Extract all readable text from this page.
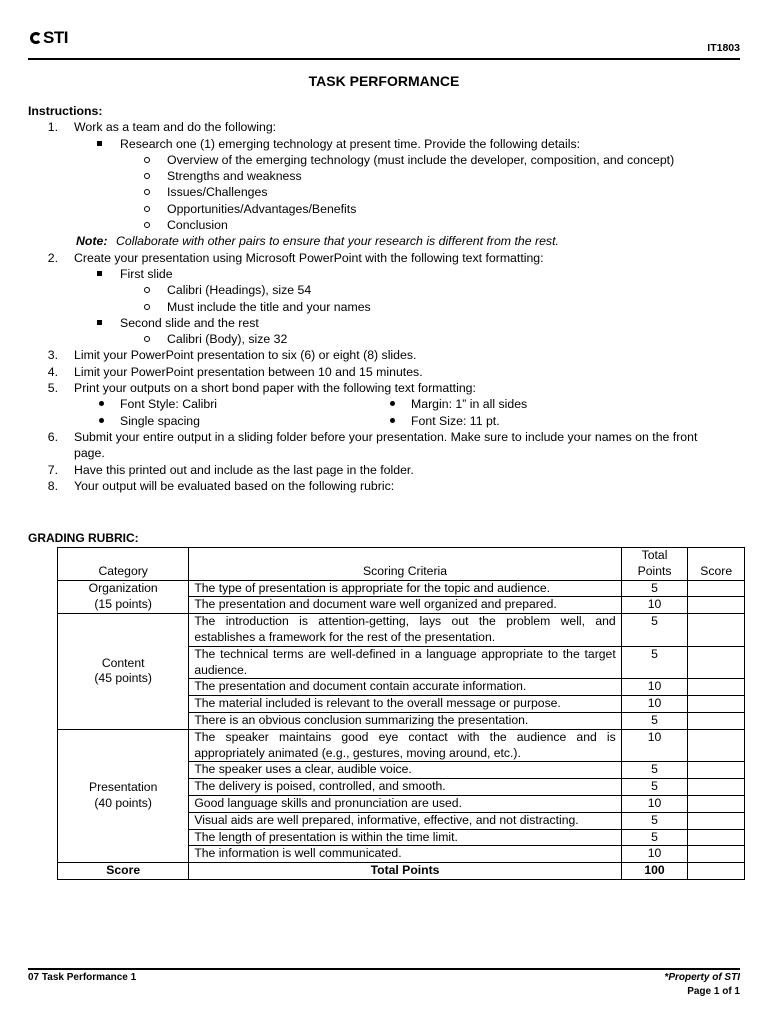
STI
IT1803
TASK PERFORMANCE
Instructions:
1. Work as a team and do the following:
Research one (1) emerging technology at present time. Provide the following details:
Overview of the emerging technology (must include the developer, composition, and concept)
Strengths and weakness
Issues/Challenges
Opportunities/Advantages/Benefits
Conclusion
Note: Collaborate with other pairs to ensure that your research is different from the rest.
2. Create your presentation using Microsoft PowerPoint with the following text formatting:
First slide
Calibri (Headings), size 54
Must include the title and your names
Second slide and the rest
Calibri (Body), size 32
3. Limit your PowerPoint presentation to six (6) or eight (8) slides.
4. Limit your PowerPoint presentation between 10 and 15 minutes.
5. Print your outputs on a short bond paper with the following text formatting:
Font Style: Calibri	Margin: 1” in all sides
Single spacing	Font Size: 11 pt.
6. Submit your entire output in a sliding folder before your presentation. Make sure to include your names on the front
page.
7. Have this printed out and include as the last page in the folder.
8. Your output will be evaluated based on the following rubric:
GRADING RUBRIC:
Category	Scoring Criteria	Total
Points	Score
Organization
(15 points)	The type of presentation is appropriate for the topic and audience.	5	
	The presentation and document ware well organized and prepared.	10	
Content
(45 points)	The introduction is attention-getting, lays out the problem well, and establishes a framework for the rest of the presentation.	5	
	The technical terms are well-defined in a language appropriate to the target audience.	5	
	The presentation and document contain accurate information.	10	
	The material included is relevant to the overall message or purpose.	10	
	There is an obvious conclusion summarizing the presentation.	5	
Presentation
(40 points)	The speaker maintains good eye contact with the audience and is appropriately animated (e.g., gestures, moving around, etc.).	10	
	The speaker uses a clear, audible voice.	5	
	The delivery is poised, controlled, and smooth.	5	
	Good language skills and pronunciation are used.	10	
	Visual aids are well prepared, informative, effective, and not distracting.	5	
	The length of presentation is within the time limit.	5	
	The information is well communicated.	10	
Score	Total Points	100	
07 Task Performance 1	*Property of STI
Page 1 of 1
